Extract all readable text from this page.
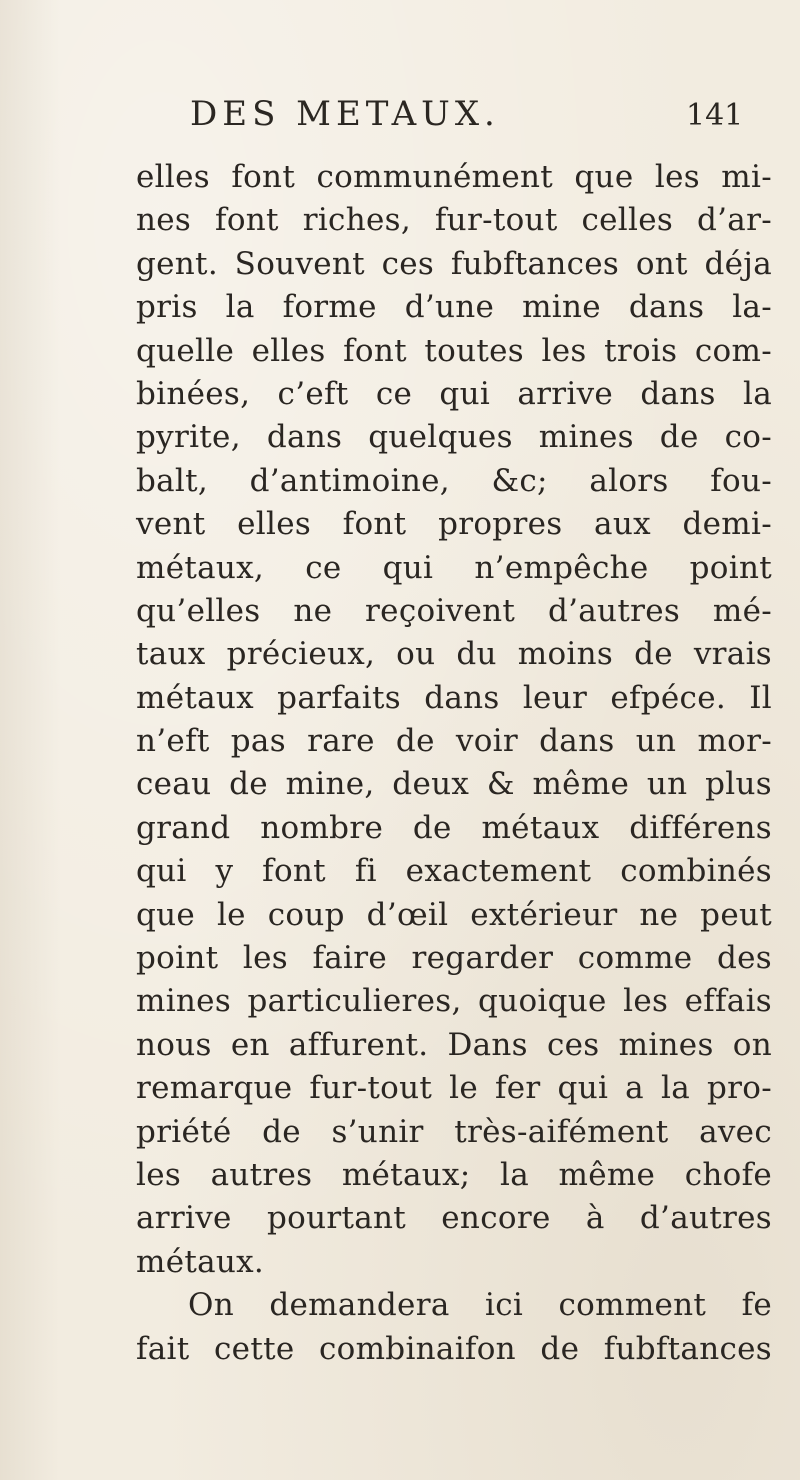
DES METAUX.	141
elles font communément que les mi-
nes font riches, fur-tout celles d’ar-
gent. Souvent ces fubftances ont déja
pris la forme d’une mine dans la-
quelle elles font toutes les trois com-
binées, c’eft ce qui arrive dans la
pyrite, dans quelques mines de co-
balt, d’antimoine, &c; alors fou-
vent elles font propres aux demi-
métaux, ce qui n’empêche point
qu’elles ne reçoivent d’autres mé-
taux précieux, ou du moins de vrais
métaux parfaits dans leur efpéce. Il
n’eft pas rare de voir dans un mor-
ceau de mine, deux & même un plus
grand nombre de métaux différens
qui y font fi exactement combinés
que le coup d’œil extérieur ne peut
point les faire regarder comme des
mines particulieres, quoique les effais
nous en affurent. Dans ces mines on
remarque fur-tout le fer qui a la pro-
priété de s’unir très-aifément avec
les autres métaux; la même chofe
arrive pourtant encore à d’autres
métaux.
On demandera ici comment fe
fait cette combinaifon de fubftances
